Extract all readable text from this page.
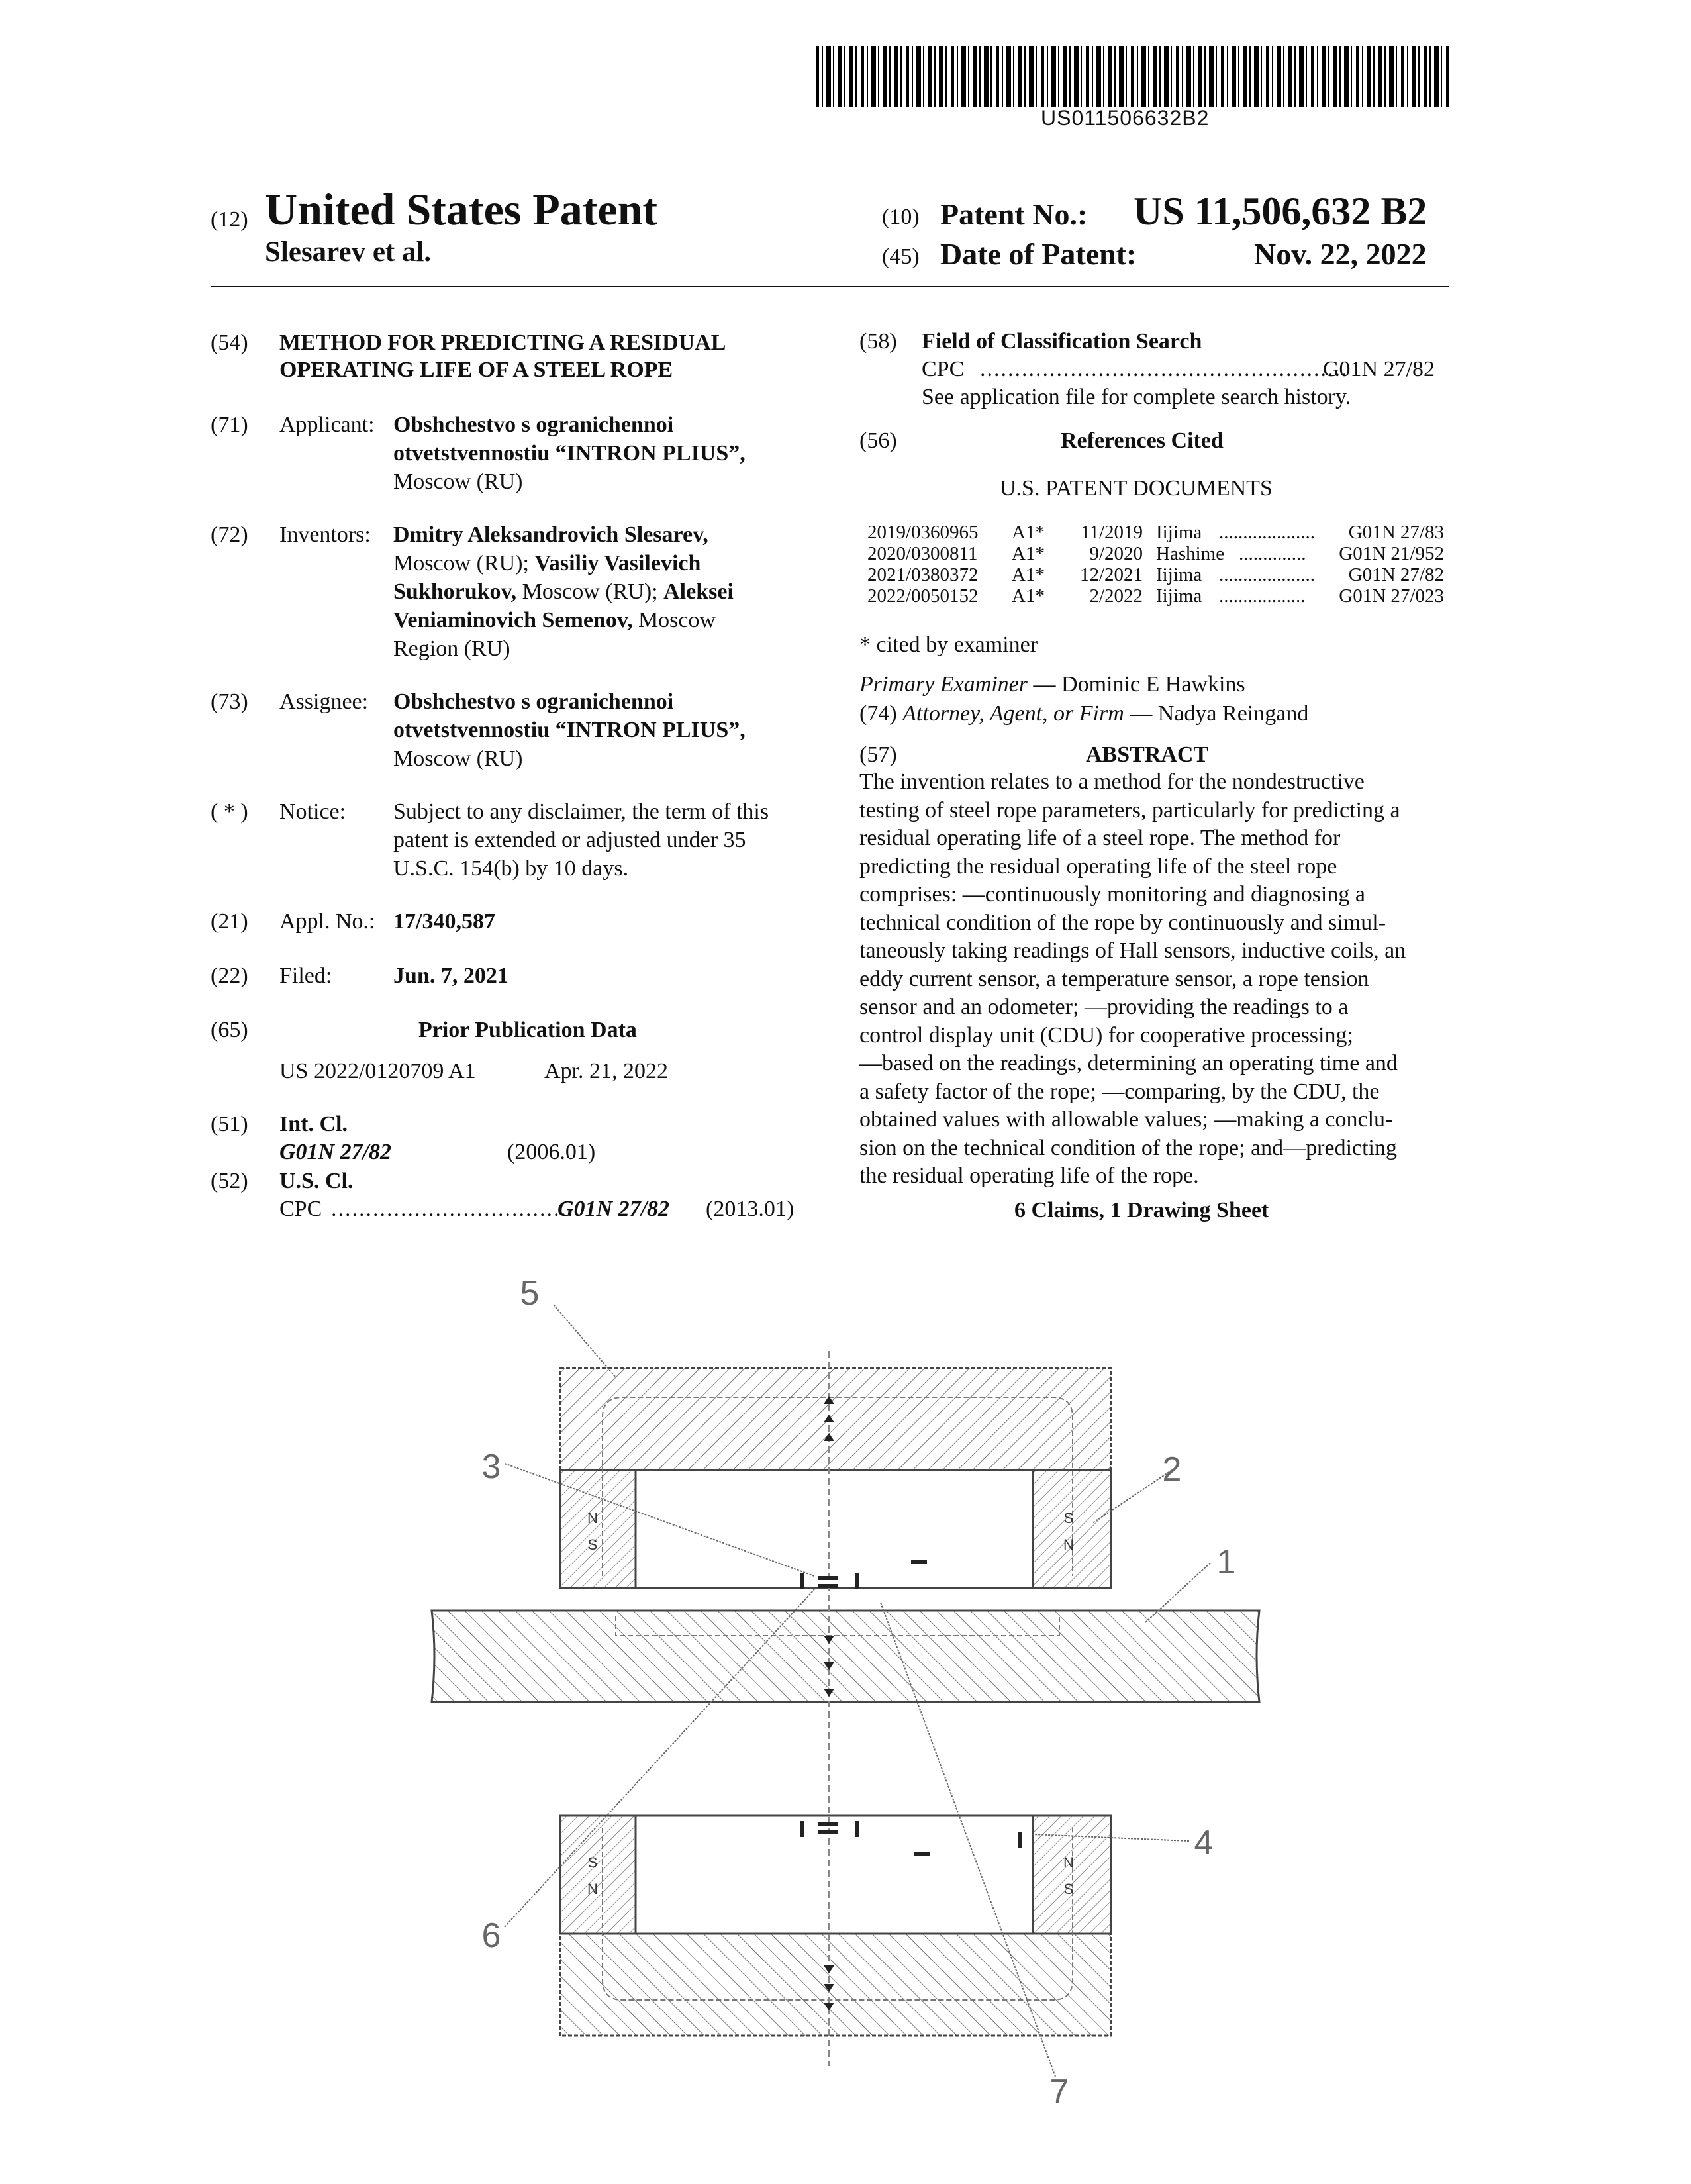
US011506632B2
(12) United States Patent
Slesarev et al.
(10) Patent No.: US 11,506,632 B2
(45) Date of Patent:	Nov. 22, 2022
(54) METHOD FOR PREDICTING A RESIDUAL
OPERATING LIFE OF A STEEL ROPE
(71) Applicant: Obshchestvo s ogranichennoi
otvetstvennostiu “INTRON PLIUS”,
Moscow (RU)
(72) Inventors: Dmitry Aleksandrovich Slesarev,
Moscow (RU); Vasiliy Vasilevich
Sukhorukov, Moscow (RU); Aleksei
Veniaminovich Semenov, Moscow
Region (RU)
(73) Assignee: Obshchestvo s ogranichennoi
otvetstvennostiu “INTRON PLIUS”,
Moscow (RU)
( * ) Notice: Subject to any disclaimer, the term of this
patent is extended or adjusted under 35
U.S.C. 154(b) by 10 days.
(21) Appl. No.: 17/340,587
(22) Filed:	Jun. 7, 2021
(65)	Prior Publication Data
US 2022/0120709 A1	Apr. 21, 2022
(51) Int. Cl.
G01N 27/82	(2006.01)
(52) U.S. Cl.
CPC ....................................
G01N 27/82 (2013.01)
(58) Field of Classification Search
CPC .....................................................
G01N 27/82
See application file for complete search history.
(56)	References Cited
U.S. PATENT DOCUMENTS
2019/0360965 A1* 11/2019 Iijima .................... G01N 27/83
2020/0300811 A1* 9/2020 Hashime .............. G01N 21/952
2021/0380372 A1* 12/2021 Iijima .................... G01N 27/82
2022/0050152 A1* 2/2022 Iijima .................. G01N 27/023
* cited by examiner
Primary Examiner — Dominic E Hawkins
(74) Attorney, Agent, or Firm — Nadya Reingand
(57)	ABSTRACT
The invention relates to a method for the nondestructive
testing of steel rope parameters, particularly for predicting a
residual operating life of a steel rope. The method for
predicting the residual operating life of the steel rope
comprises: —continuously monitoring and diagnosing a
technical condition of the rope by continuously and simul-
taneously taking readings of Hall sensors, inductive coils, an
eddy current sensor, a temperature sensor, a rope tension
sensor and an odometer; —providing the readings to a
control display unit (CDU) for cooperative processing;
—based on the readings, determining an operating time and
a safety factor of the rope; —comparing, by the CDU, the
obtained values with allowable values; —making a conclu-
sion on the technical condition of the rope; and—predicting
the residual operating life of the rope.
6 Claims, 1 Drawing Sheet
N
S
S
N
S
N
N
S
5
3	2
1
4
6
7
